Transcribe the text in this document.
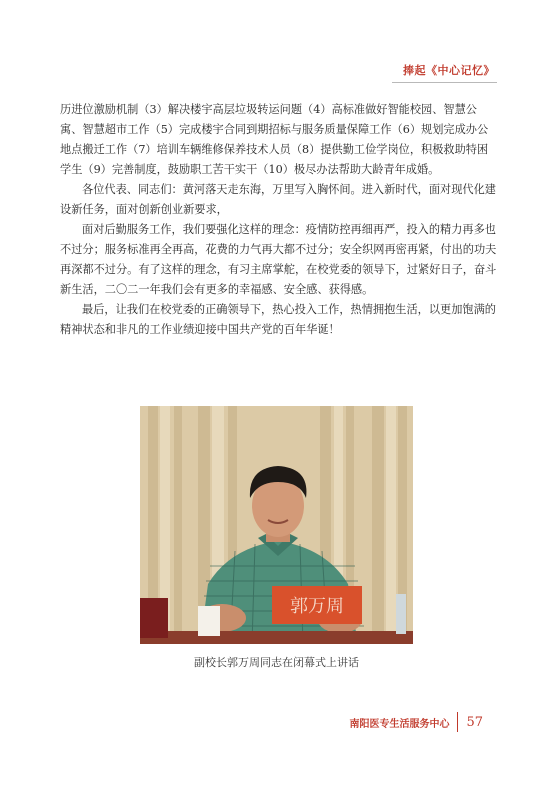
捧起《中心记忆》

历进位激励机制（3）解决楼宇高层垃圾转运问题（4）高标准做好智能校园、智慧公寓、智慧超市工作（5）完成楼宇合同到期招标与服务质量保障工作（6）规划完成办公地点搬迁工作（7）培训车辆维修保养技术人员（8）提供勤工俭学岗位，积极救助特困学生（9）完善制度，鼓励职工苦干实干（10）极尽办法帮助大龄青年成婚。

各位代表、同志们：黄河落天走东海，万里写入胸怀间。进入新时代，面对现代化建设新任务，面对创新创业新要求，

面对后勤服务工作，我们要强化这样的理念：疫情防控再细再严，投入的精力再多也不过分；服务标准再全再高，花费的力气再大都不过分；安全织网再密再紧，付出的功夫再深都不过分。有了这样的理念，有习主席掌舵，在校党委的领导下，过紧好日子，奋斗新生活，二〇二一年我们会有更多的幸福感、安全感、获得感。

最后，让我们在校党委的正确领导下，热心投入工作，热情拥抱生活，以更加饱满的精神状态和非凡的工作业绩迎接中国共产党的百年华诞！

郭万周
副校长郭万周同志在闭幕式上讲话
南阳医专生活服务中心 57
